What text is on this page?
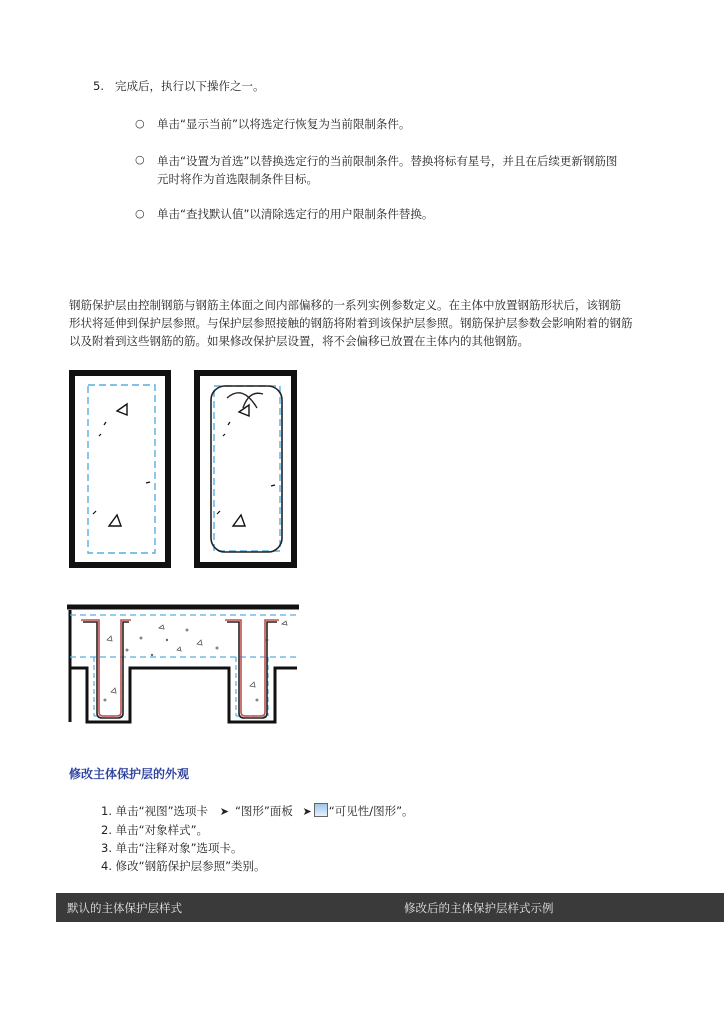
5. 完成后，执行以下操作之一。
○ 单击“显示当前”以将选定行恢复为当前限制条件。
○ 单击“设置为首选”以替换选定行的当前限制条件。替换将标有星号，并且在后续更新钢筋图
元时将作为首选限制条件目标。
○ 单击“查找默认值”以清除选定行的用户限制条件替换。
钢筋保护层由控制钢筋与钢筋主体面之间内部偏移的一系列实例参数定义。在主体中放置钢筋形状后，该钢筋
形状将延伸到保护层参照。与保护层参照接触的钢筋将附着到该保护层参照。钢筋保护层参数会影响附着的钢筋
以及附着到这些钢筋的筋。如果修改保护层设置，将不会偏移已放置在主体内的其他钢筋。
修改主体保护层的外观
1. 单击“视图”选项卡 ➤ “图形”面板 ➤ “可见性/图形”。
2. 单击“对象样式”。
3. 单击“注释对象”选项卡。
4. 修改“钢筋保护层参照”类别。
默认的主体保护层样式	修改后的主体保护层样式示例
